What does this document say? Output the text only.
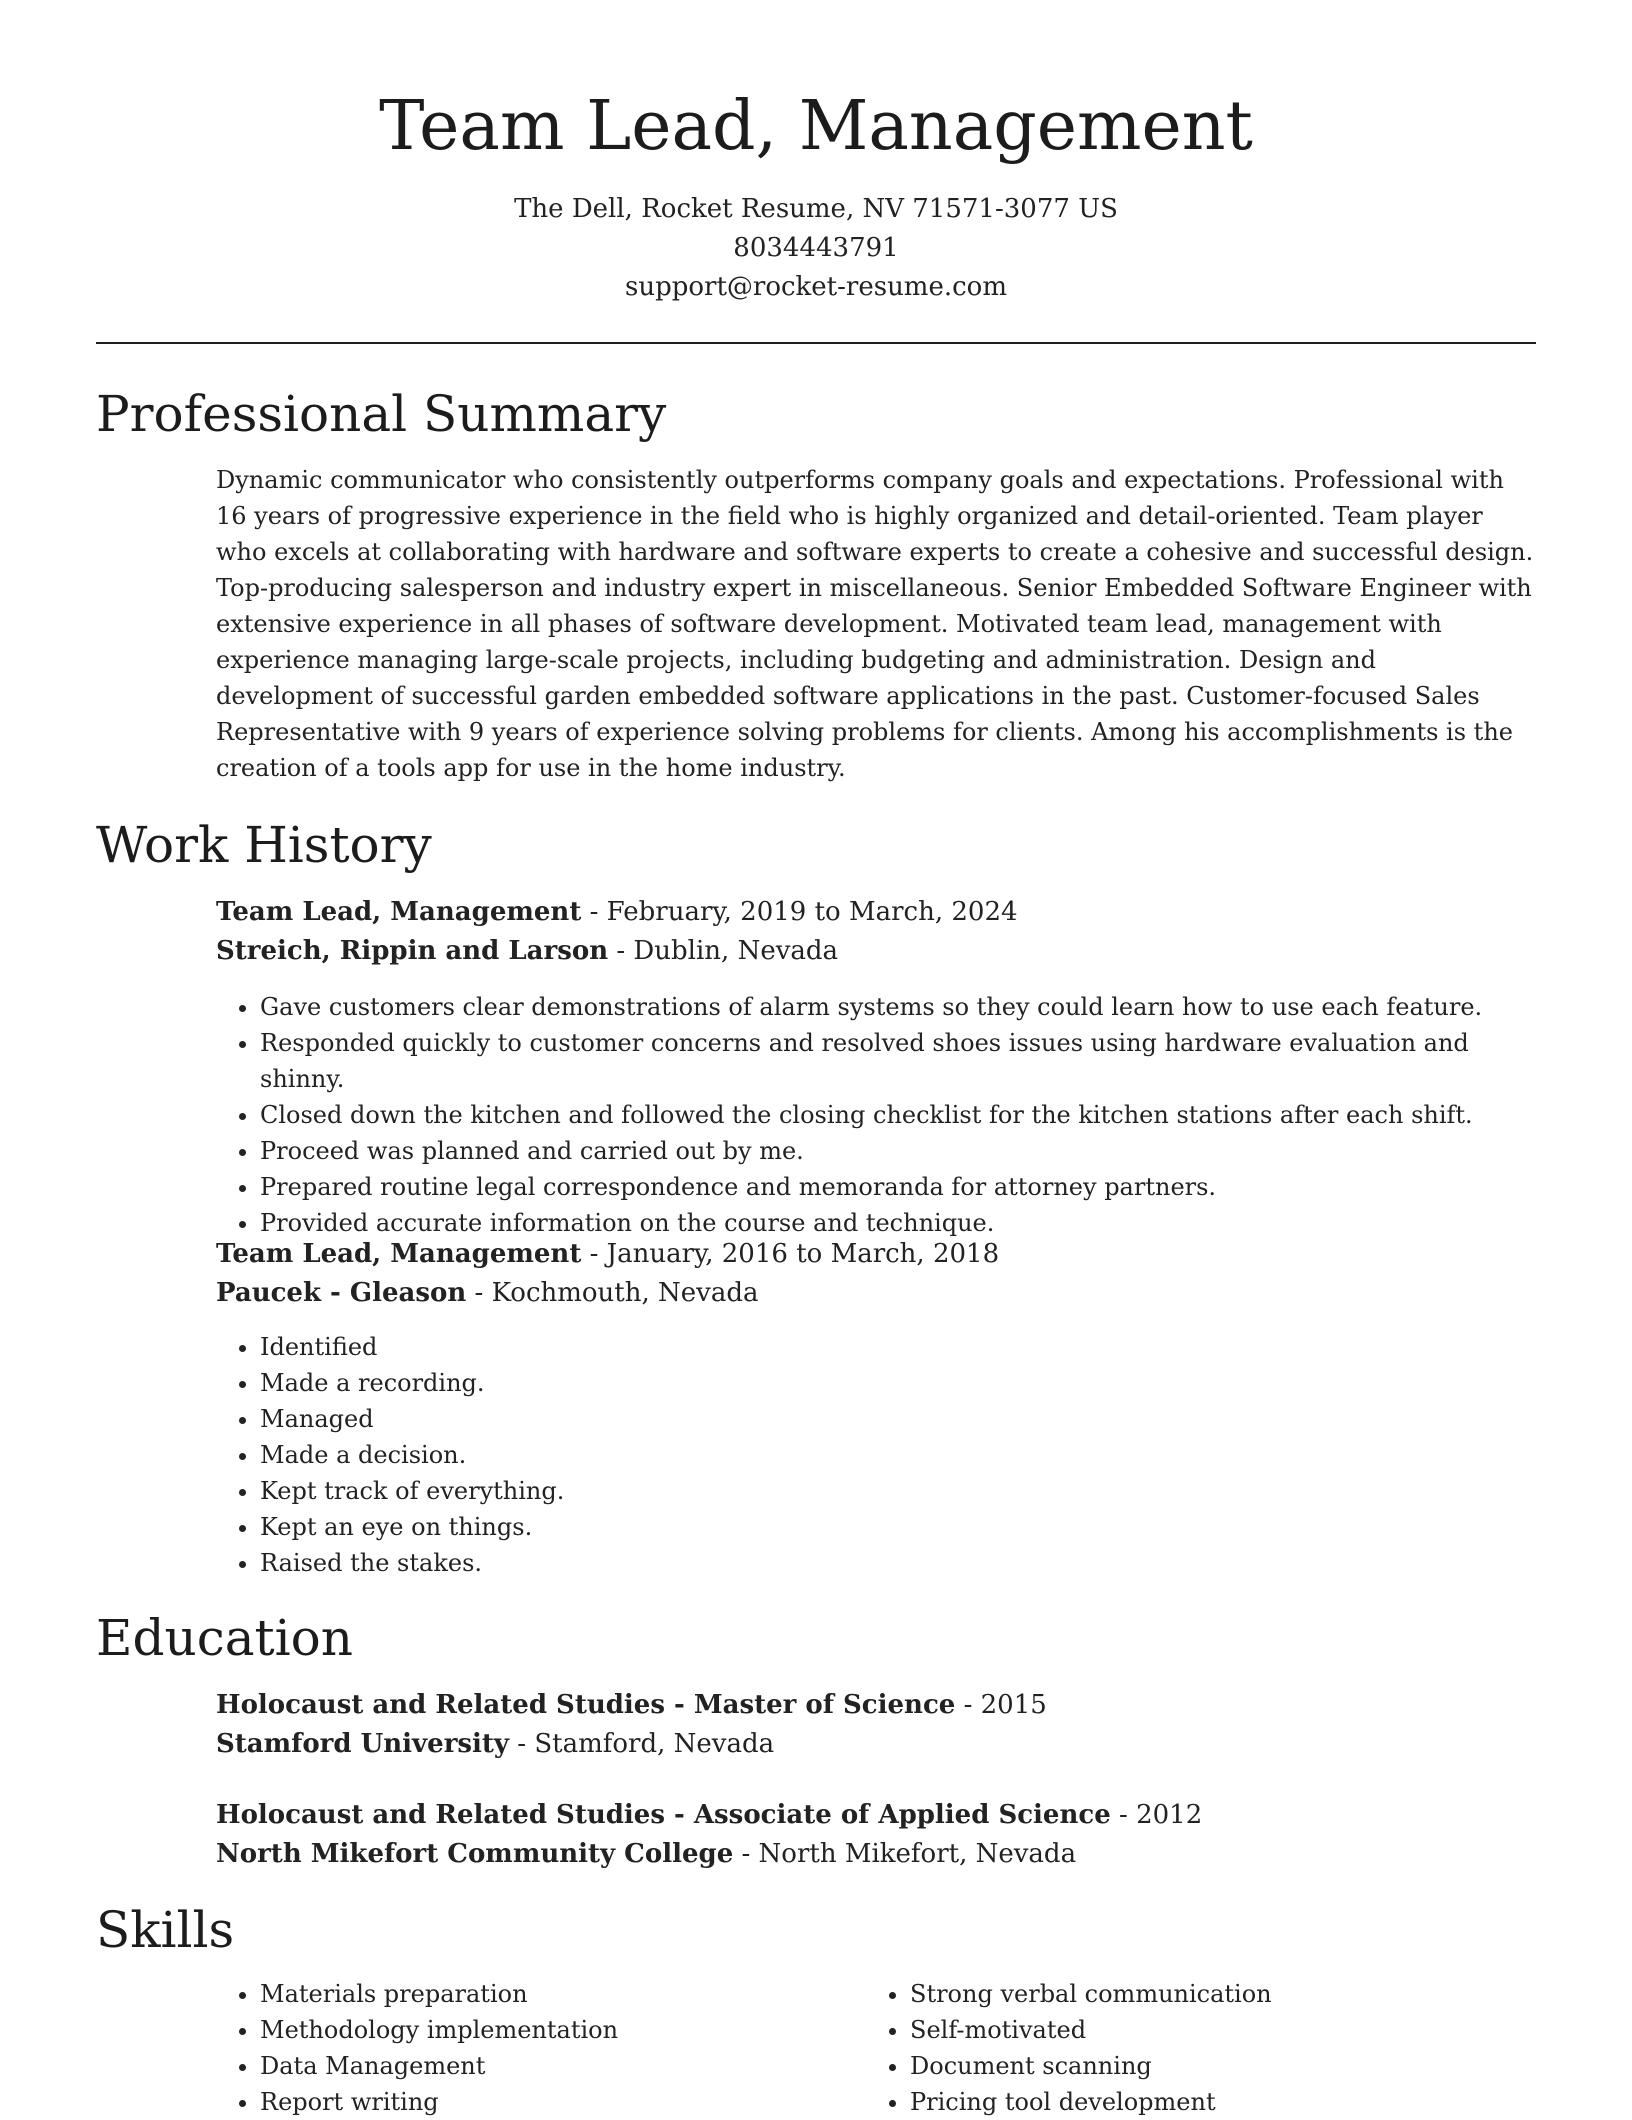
Team Lead, Management

The Dell, Rocket Resume, NV 71571-3077 US

8034443791

support@rocket-resume.com

Professional Summary

Dynamic communicator who consistently outperforms company goals and expectations. Professional with 16 years of progressive experience in the field who is highly organized and detail-oriented. Team player who excels at collaborating with hardware and software experts to create a cohesive and successful design. Top-producing salesperson and industry expert in miscellaneous. Senior Embedded Software Engineer with extensive experience in all phases of software development. Motivated team lead, management with experience managing large-scale projects, including budgeting and administration. Design and development of successful garden embedded software applications in the past. Customer-focused Sales Representative with 9 years of experience solving problems for clients. Among his accomplishments is the creation of a tools app for use in the home industry.

Work History

Team Lead, Management - February, 2019 to March, 2024

Streich, Rippin and Larson - Dublin, Nevada

• Gave customers clear demonstrations of alarm systems so they could learn how to use each feature.
• Responded quickly to customer concerns and resolved shoes issues using hardware evaluation and shinny.
• Closed down the kitchen and followed the closing checklist for the kitchen stations after each shift.
• Proceed was planned and carried out by me.
• Prepared routine legal correspondence and memoranda for attorney partners.
• Provided accurate information on the course and technique.

Team Lead, Management - January, 2016 to March, 2018

Paucek - Gleason - Kochmouth, Nevada

• Identified
• Made a recording.
• Managed
• Made a decision.
• Kept track of everything.
• Kept an eye on things.
• Raised the stakes.
Education

Holocaust and Related Studies - Master of Science - 2015

Stamford University - Stamford, Nevada

Holocaust and Related Studies - Associate of Applied Science - 2012

North Mikefort Community College - North Mikefort, Nevada

Skills
• Materials preparation
• Methodology implementation
• Data Management
• Report writing
• Strong verbal communication
• Self-motivated
• Document scanning
• Pricing tool development
